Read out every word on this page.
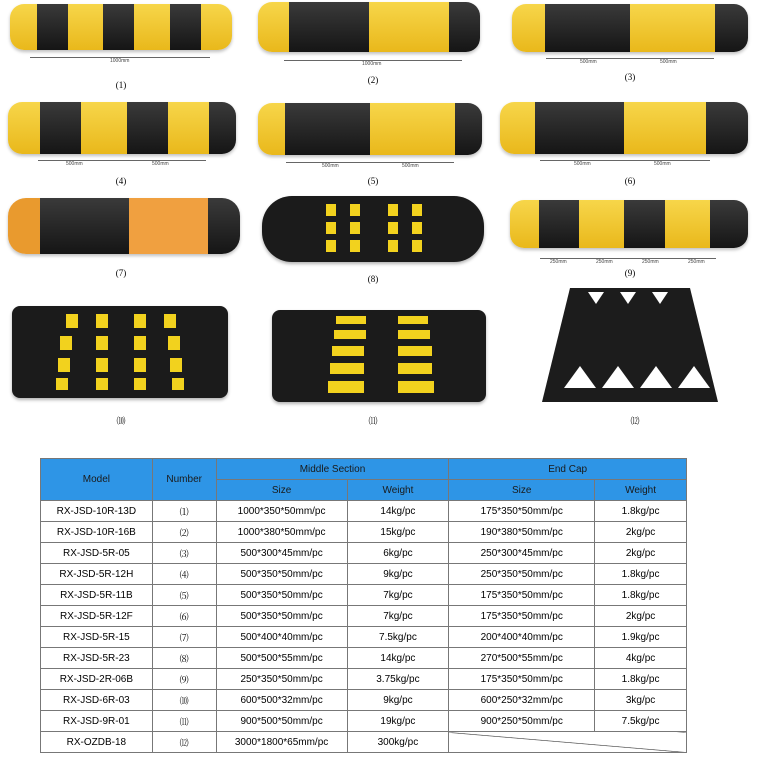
1000mm
(1)
1000mm
(2)
500mm	500mm
(3)
500mm	500mm
(4)
500mm	500mm
(5)
500mm	500mm
(6)
(7)
(8)
250mm	250mm	250mm	250mm
(9)
⑽	⑾	⑿
Model	Number	Middle Section		End Cap	
		Size	Weight	Size	Weight
RX-JSD-10R-13D	⑴	1000*350*50mm/pc	14kg/pc	175*350*50mm/pc	1.8kg/pc
RX-JSD-10R-16B	⑵	1000*380*50mm/pc	15kg/pc	190*380*50mm/pc	2kg/pc
RX-JSD-5R-05	⑶	500*300*45mm/pc	6kg/pc	250*300*45mm/pc	2kg/pc
RX-JSD-5R-12H	⑷	500*350*50mm/pc	9kg/pc	250*350*50mm/pc	1.8kg/pc
RX-JSD-5R-11B	⑸	500*350*50mm/pc	7kg/pc	175*350*50mm/pc	1.8kg/pc
RX-JSD-5R-12F	⑹	500*350*50mm/pc	7kg/pc	175*350*50mm/pc	2kg/pc
RX-JSD-5R-15	⑺	500*400*40mm/pc	7.5kg/pc	200*400*40mm/pc	1.9kg/pc
RX-JSD-5R-23	⑻	500*500*55mm/pc	14kg/pc	270*500*55mm/pc	4kg/pc
RX-JSD-2R-06B	⑼	250*350*50mm/pc	3.75kg/pc	175*350*50mm/pc	1.8kg/pc
RX-JSD-6R-03	⑽	600*500*32mm/pc	9kg/pc	600*250*32mm/pc	3kg/pc
RX-JSD-9R-01	⑾	900*500*50mm/pc	19kg/pc	900*250*50mm/pc	7.5kg/pc
RX-OZDB-18	⑿	3000*1800*65mm/pc	300kg/pc		
